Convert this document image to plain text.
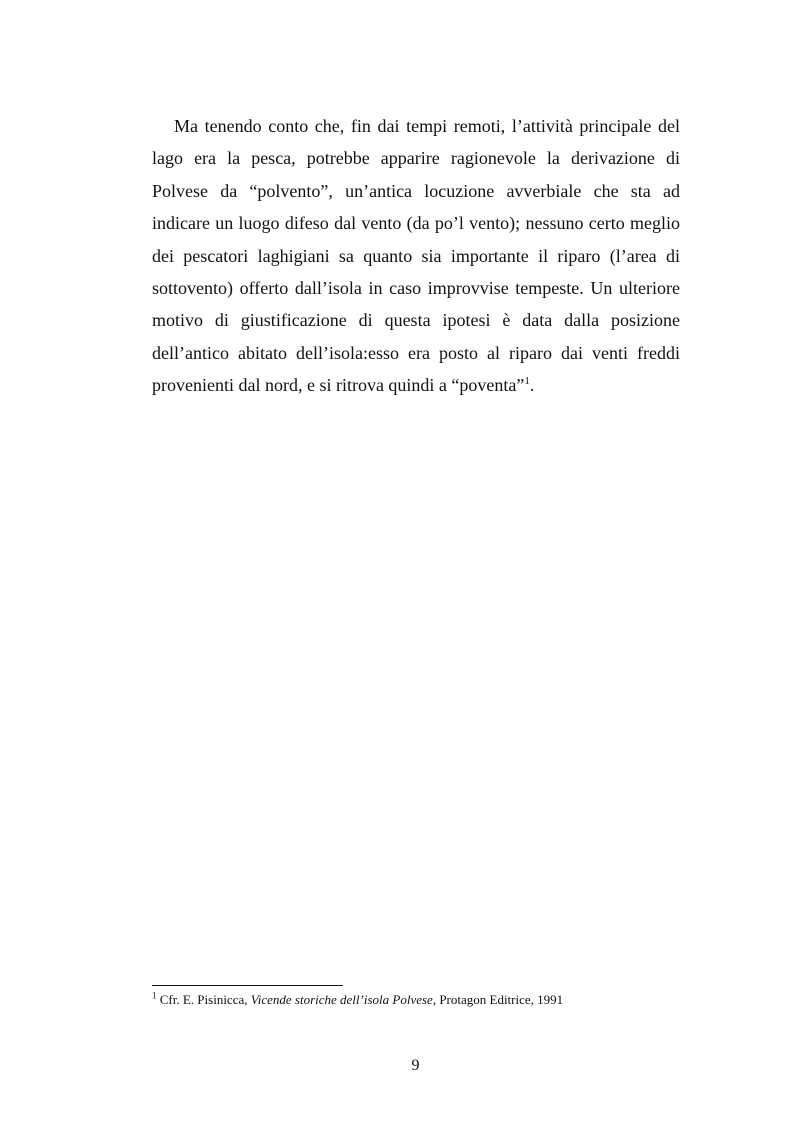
Ma tenendo conto che, fin dai tempi remoti, l’attività principale del lago era la pesca, potrebbe apparire ragionevole la derivazione di Polvese da “polvento”, un’antica locuzione avverbiale che sta ad indicare un luogo difeso dal vento (da po’l vento); nessuno certo meglio dei pescatori laghigiani sa quanto sia importante il riparo (l’area di sottovento) offerto dall’isola in caso improvvise tempeste. Un ulteriore motivo di giustificazione di questa ipotesi è data dalla posizione dell’antico abitato dell’isola:esso era posto al riparo dai venti freddi provenienti dal nord, e si ritrova quindi a “poventa”$^1$.

$^1$ Cfr. E. Pisinicca, Vicende storiche dell’isola Polvese, Protagon Editrice, 1991

9
